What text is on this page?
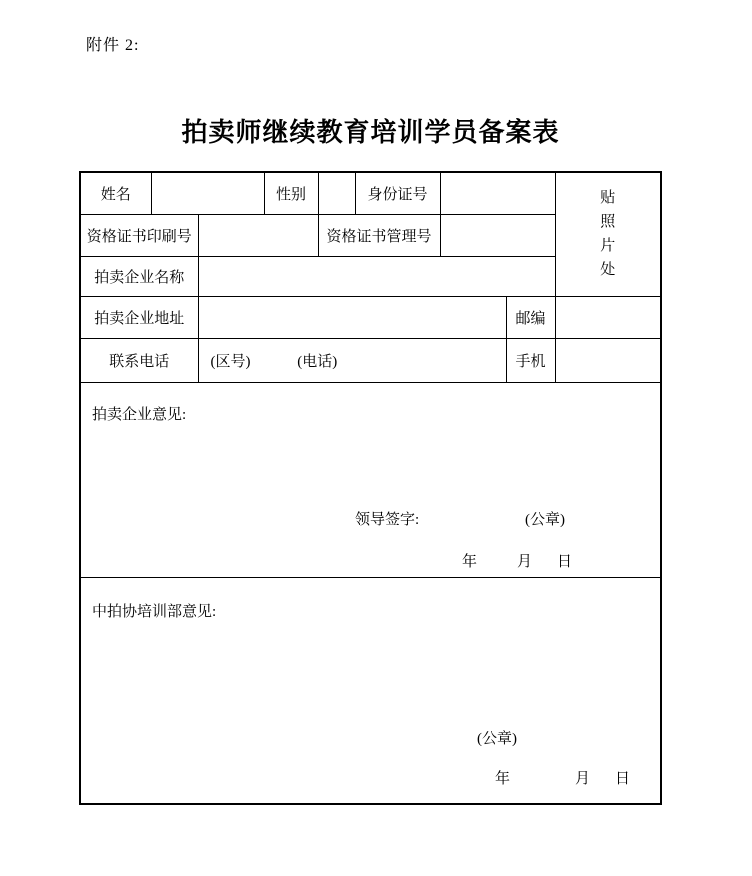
附件 2:
拍卖师继续教育培训学员备案表
姓名			性别		身份证号			贴照片处
资格证书印刷号				资格证书管理号				
拍卖企业名称								
拍卖企业地址							邮编	
联系电话		(区号) (电话)					手机	

拍卖企业意见:
领导签字:	(公章)
年	月 日

中拍协培训部意见:
(公章)
年 月 日								
